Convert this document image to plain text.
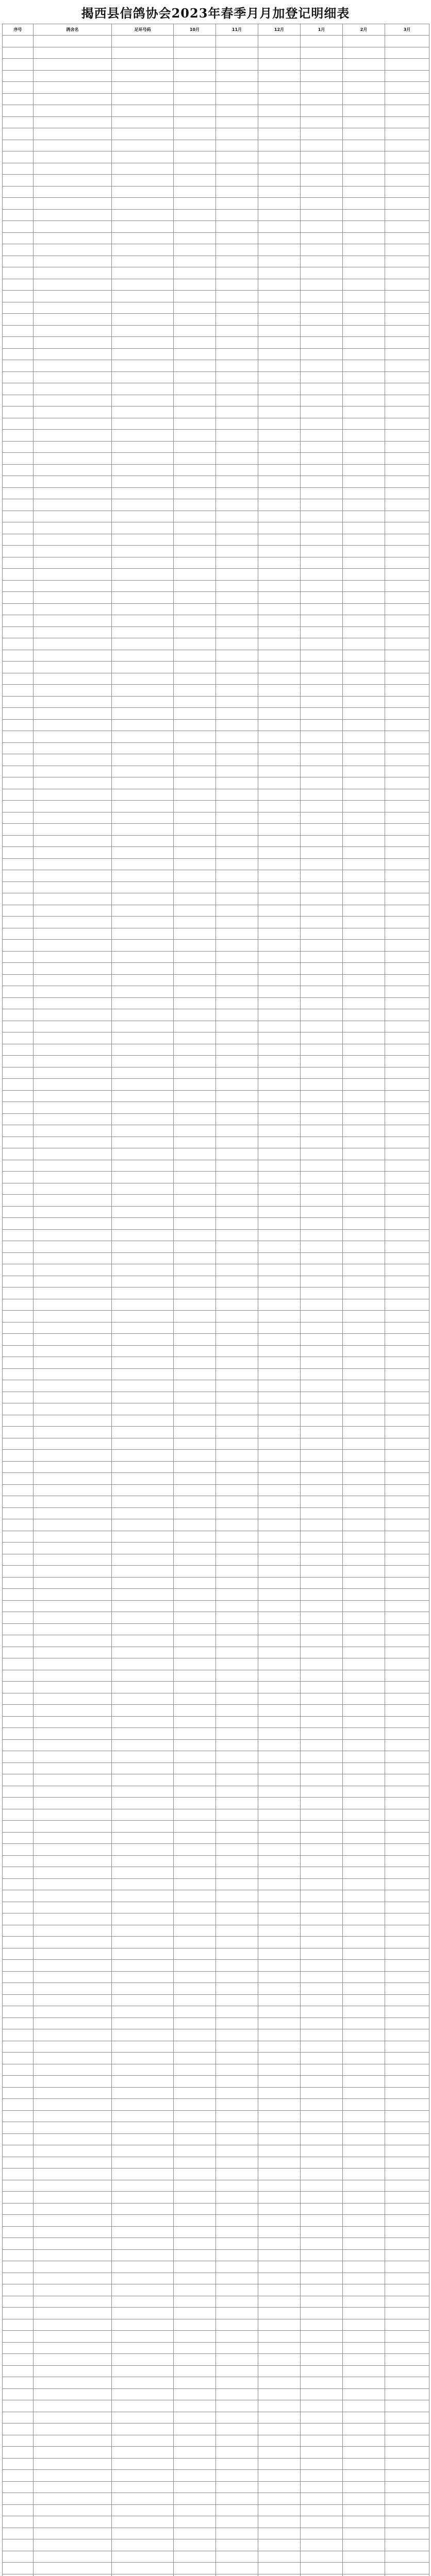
揭西县信鸽协会2023年春季月月加登记明细表
序号	鸽舍名	足环号码	10月	11月	12月	1月	2月	3月
